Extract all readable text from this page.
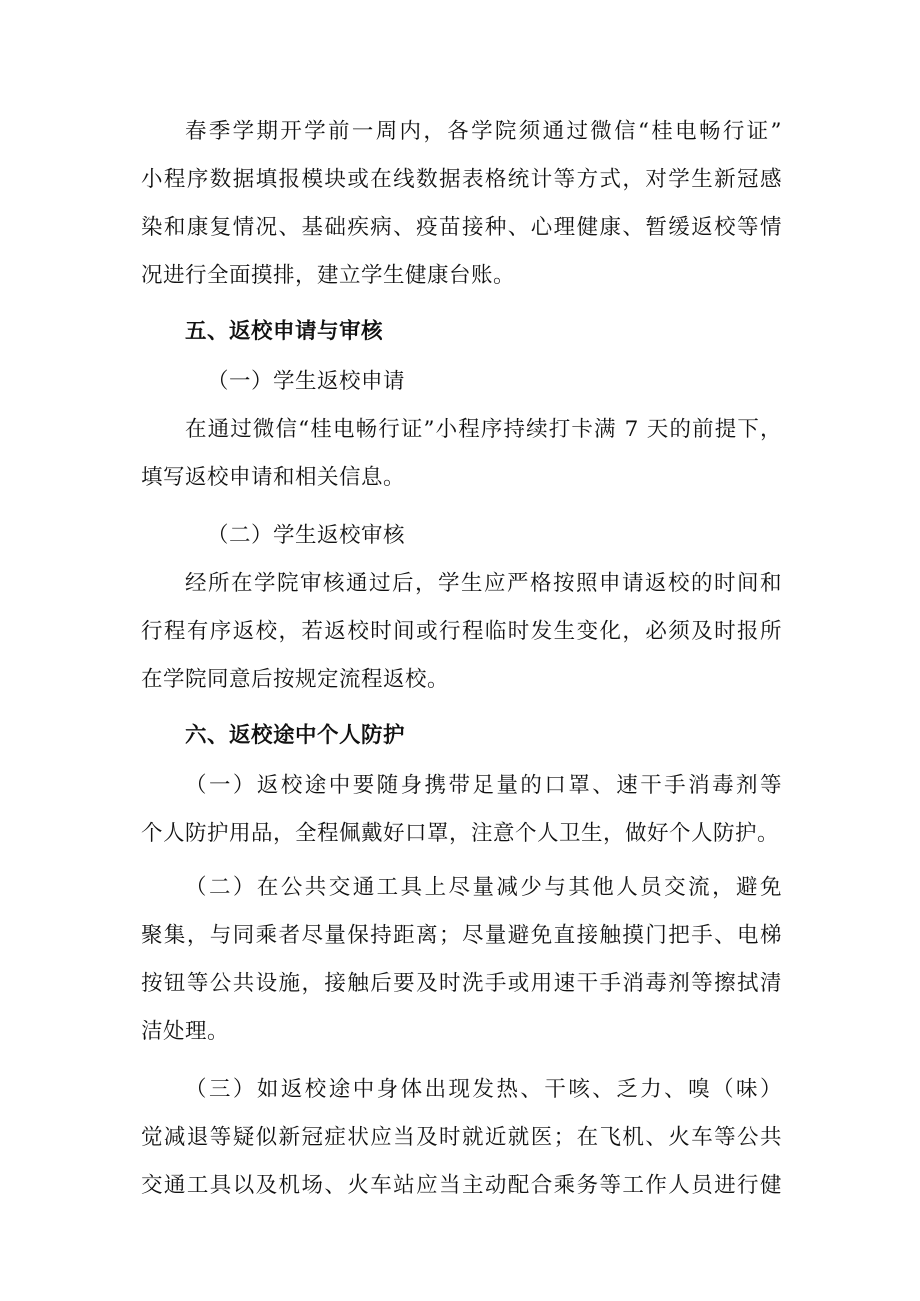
春季学期开学前一周内，各学院须通过微信“桂电畅行证”
小程序数据填报模块或在线数据表格统计等方式，对学生新冠感
染和康复情况、基础疾病、疫苗接种、心理健康、暂缓返校等情
况进行全面摸排，建立学生健康台账。
五、返校申请与审核
（一）学生返校申请
在通过微信“桂电畅行证”小程序持续打卡满 7 天的前提下，
填写返校申请和相关信息。
（二）学生返校审核
经所在学院审核通过后，学生应严格按照申请返校的时间和
行程有序返校，若返校时间或行程临时发生变化，必须及时报所
在学院同意后按规定流程返校。
六、返校途中个人防护
（一）返校途中要随身携带足量的口罩、速干手消毒剂等
个人防护用品，全程佩戴好口罩，注意个人卫生，做好个人防护。
（二）在公共交通工具上尽量减少与其他人员交流，避免
聚集，与同乘者尽量保持距离；尽量避免直接触摸门把手、电梯
按钮等公共设施，接触后要及时洗手或用速干手消毒剂等擦拭清
洁处理。
（三）如返校途中身体出现发热、干咳、乏力、嗅（味）
觉减退等疑似新冠症状应当及时就近就医；在飞机、火车等公共
交通工具以及机场、火车站应当主动配合乘务等工作人员进行健
